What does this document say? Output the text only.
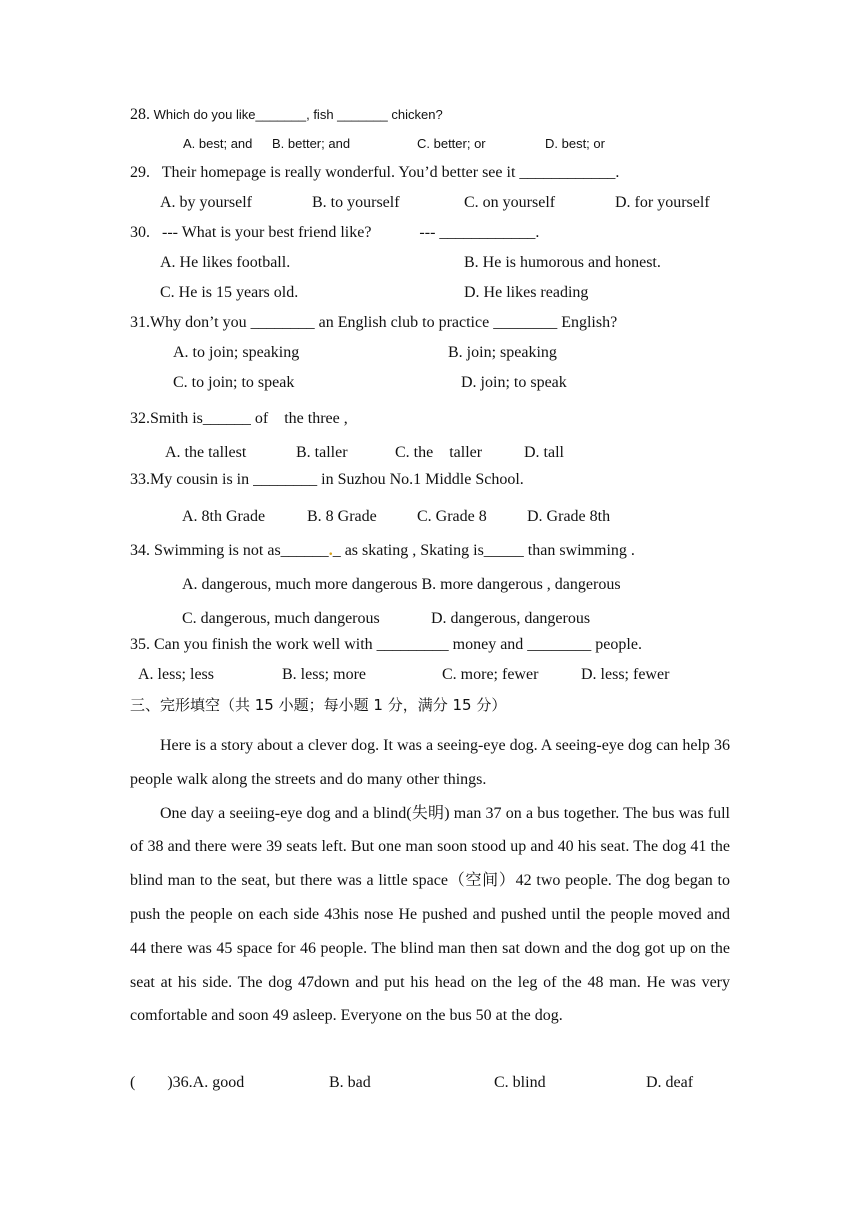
28. Which do you like_______, fish _______ chicken?
A. best; and B. better; and	C. better; or	D. best; or
29.   Their homepage is really wonderful. You’d better see it ____________.
A. by yourself	B. to yourself	C. on yourself	D. for yourself
30.   --- What is your best friend like?            --- ____________.
A. He likes football.	B. He is humorous and honest.
C. He is 15 years old.	D. He likes reading
31.Why don’t you ________ an English club to practice ________ English?
A. to join; speaking	B. join; speaking
C. to join; to speak	D. join; to speak
32.Smith is______ of    the three ,
A. the tallest	B. taller	C. the    taller	D. tall
33.My cousin is in ________ in Suzhou No.1 Middle School.
A. 8th Grade	B. 8 Grade	C. Grade 8	D. Grade 8th
34. Swimming is not as______._ as skating , Skating is_____ than swimming .
A. dangerous, much more dangerous B. more dangerous , dangerous
C. dangerous, much dangerous	D. dangerous, dangerous
35. Can you finish the work well with _________ money and ________ people.
A. less; less	B. less; more	C. more; fewer	D. less; fewer
三、完形填空（共 15 小题；每小题 1 分，满分 15 分）

Here is a story about a clever dog. It was a seeing-eye dog. A seeing-eye dog can help 36 people walk along the streets and do many other things.

One day a seeiing-eye dog and a blind(失明) man 37 on a bus together. The bus was full of 38 and there were 39 seats left. But one man soon stood up and 40 his seat. The dog 41 the blind man to the seat, but there was a little space（空间）42 two people. The dog began to push the people on each side 43his nose He pushed and pushed until the people moved and 44 there was 45 space for 46 people. The blind man then sat down and the dog got up on the seat at his side. The dog 47down and put his head on the leg of the 48 man. He was very comfortable and soon 49 asleep. Everyone on the bus 50 at the dog.

(        )36.A. good	B. bad	C. blind	D. deaf
